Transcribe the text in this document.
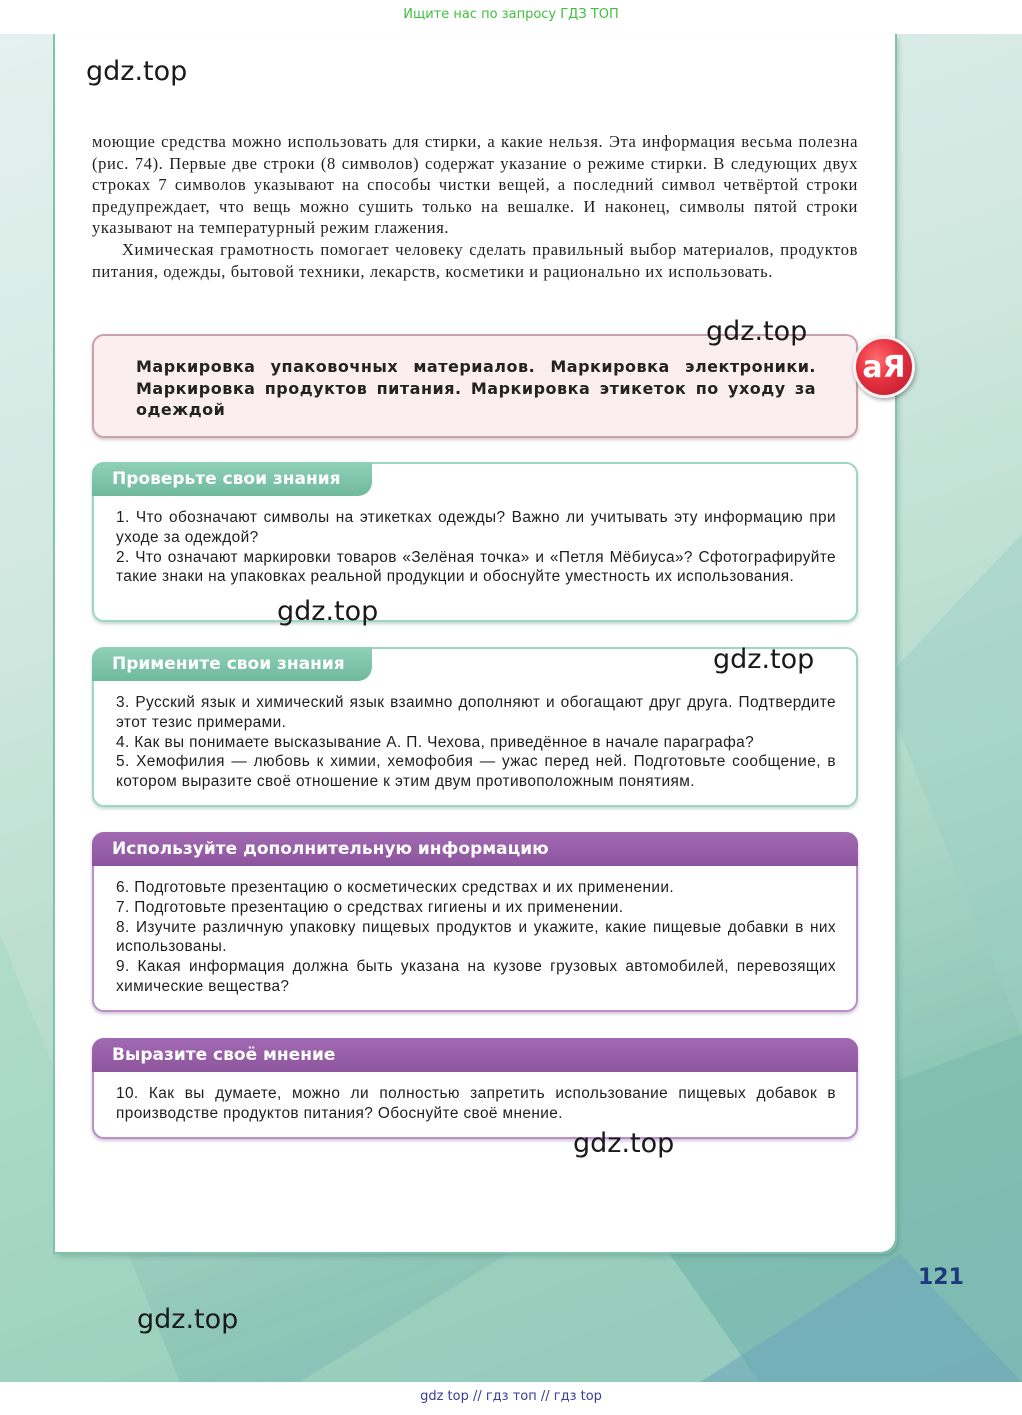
Ищите нас по запросу ГДЗ ТОП
gdz.top
gdz.top
gdz.top
gdz.top
gdz.top
gdz.top

моющие средства можно использовать для стирки, а какие нельзя. Эта информация весьма полезна (рис. 74). Первые две строки (8 символов) содержат указание о режиме стирки. В следующих двух строках 7 символов указывают на способы чистки вещей, а последний символ четвёртой строки предупреждает, что вещь можно сушить только на вешалке. И наконец, символы пятой строки указывают на температурный режим глажения.

Химическая грамотность помогает человеку сделать правильный выбор материалов, продуктов питания, одежды, бытовой техники, лекарств, косметики и рационально их использовать.

Маркировка упаковочных материалов. Маркировка электроники. Маркировка продуктов питания. Маркировка этикеток по уходу за одеждой
аЯ
Проверьте свои знания

1. Что обозначают символы на этикетках одежды? Важно ли учитывать эту информацию при уходе за одеждой?

2. Что означают маркировки товаров «Зелёная точка» и «Петля Мёбиуса»? Сфотографируйте такие знаки на упаковках реальной продукции и обоснуйте уместность их использования.

Примените свои знания

3. Русский язык и химический язык взаимно дополняют и обогащают друг друга. Подтвердите этот тезис примерами.

4. Как вы понимаете высказывание А. П. Чехова, приведённое в начале параграфа?

5. Хемофилия — любовь к химии, хемофобия — ужас перед ней. Подготовьте сообщение, в котором выразите своё отношение к этим двум противоположным понятиям.

Используйте дополнительную информацию

6. Подготовьте презентацию о косметических средствах и их применении.

7. Подготовьте презентацию о средствах гигиены и их применении.

8. Изучите различную упаковку пищевых продуктов и укажите, какие пищевые добавки в них использованы.

9. Какая информация должна быть указана на кузове грузовых автомобилей, перевозящих химические вещества?

Выразите своё мнение

10. Как вы думаете, можно ли полностью запретить использование пищевых добавок в производстве продуктов питания? Обоснуйте своё мнение.

121
gdz top // гдз топ // гдз top
